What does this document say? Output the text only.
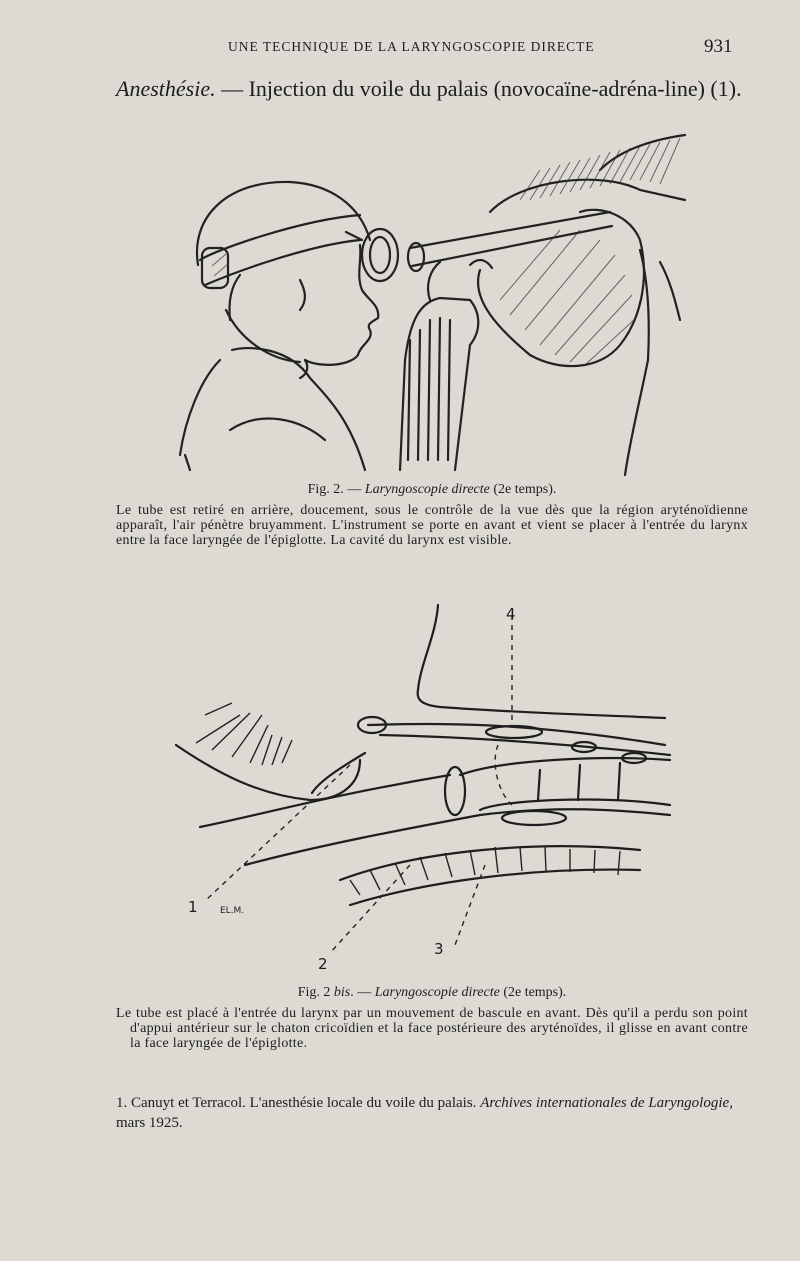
UNE TECHNIQUE DE LA LARYNGOSCOPIE DIRECTE	931
Anesthésie. — Injection du voile du palais (novocaïne-adréna-line) (1).
Fig. 2. — Laryngoscopie directe (2e temps).
Le tube est retiré en arrière, doucement, sous le contrôle de la vue dès que la région aryténoïdienne apparaît, l'air pénètre bruyamment. L'instrument se porte en avant et vient se placer à l'entrée du larynx entre la face laryngée de l'épiglotte. La cavité du larynx est visible.
4
1 EL.M.
2
3
Fig. 2 bis. — Laryngoscopie directe (2e temps).
Le tube est placé à l'entrée du larynx par un mouvement de bascule en avant. Dès qu'il a perdu son point d'appui antérieur sur le chaton cricoïdien et la face postérieure des aryténoïdes, il glisse en avant contre la face laryngée de l'épiglotte.
1. Canuyt et Terracol. L'anesthésie locale du voile du palais. Archives internationales de Laryngologie, mars 1925.
